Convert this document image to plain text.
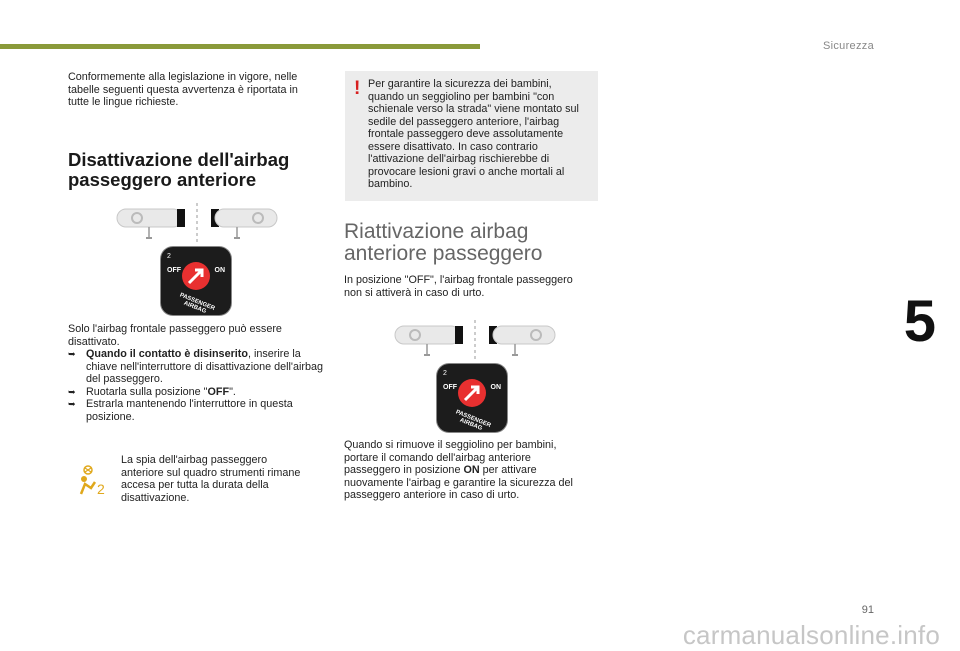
Sicurezza
Conformemente alla legislazione in vigore, nelle tabelle seguenti questa avvertenza è riportata in tutte le lingue richieste.
Disattivazione dell'airbag passeggero anteriore
2
OFF	ON
PASSENGER AIRBAG
Solo l'airbag frontale passeggero può essere disattivato.
➥ Quando il contatto è disinserito, inserire la chiave nell'interruttore di disattivazione dell'airbag del passeggero.
➥ Ruotarla sulla posizione "OFF".
➥ Estrarla mantenendo l'interruttore in questa posizione.
2
La spia dell'airbag passeggero anteriore sul quadro strumenti rimane accesa per tutta la durata della disattivazione.
! Per garantire la sicurezza dei bambini, quando un seggiolino per bambini "con schienale verso la strada" viene montato sul sedile del passeggero anteriore, l'airbag frontale passeggero deve assolutamente essere disattivato. In caso contrario l'attivazione dell'airbag rischierebbe di provocare lesioni gravi o anche mortali al bambino.
Riattivazione airbag anteriore passeggero
In posizione "OFF", l'airbag frontale passeggero non si attiverà in caso di urto.
2
OFF	ON
PASSENGER AIRBAG
Quando si rimuove il seggiolino per bambini, portare il comando dell'airbag anteriore passeggero in posizione ON per attivare nuovamente l'airbag e garantire la sicurezza del passeggero anteriore in caso di urto.
5
91
carmanualsonline.info
